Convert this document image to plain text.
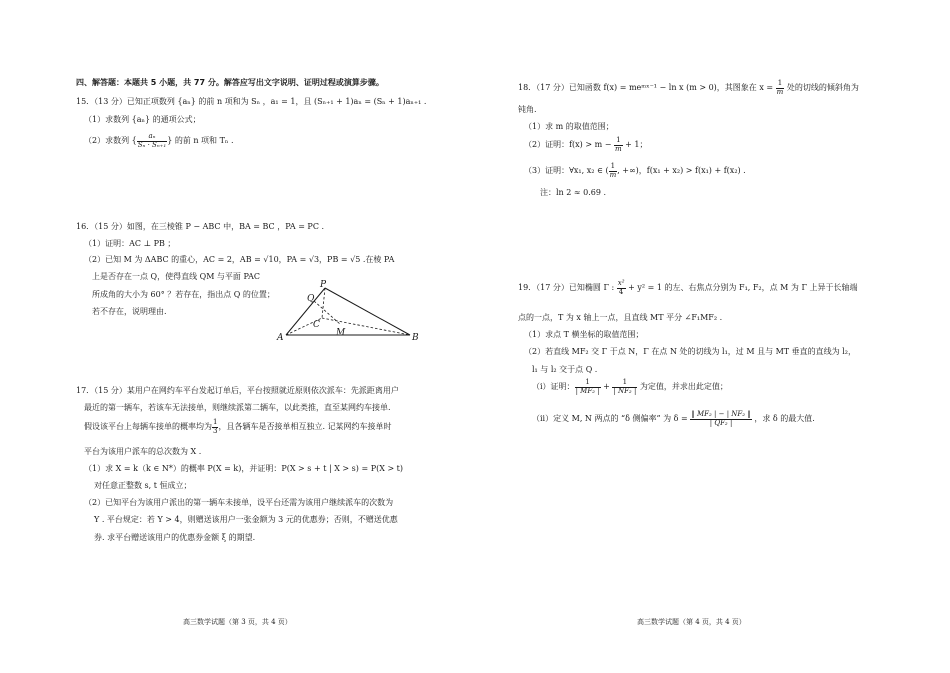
四、解答题：本题共 5 小题，共 77 分。解答应写出文字说明、证明过程或演算步骤。
15．（13 分）已知正项数列 {aₙ} 的前 n 项和为 Sₙ ，a₁ = 1，且 (Sₙ₊₁ + 1)aₙ = (Sₙ + 1)aₙ₊₁ .
（1）求数列 {aₙ} 的通项公式；
（2）求数列 { $\frac{\text{aₙ}}{\text{Sₙ · Sₙ₊₁}}$ } 的前 n 项和 Tₙ .
16．（15 分）如图，在三棱锥 P − ABC 中，BA = BC ，PA = PC .
（1）证明：AC ⊥ PB ；
（2）已知 M 为 ΔABC 的重心，AC = 2，AB = √10，PA = √3，PB = √5 .在棱 PA
上是否存在一点 Q，使得直线 QM 与平面 PAC
所成角的大小为 60° ？若存在，指出点 Q 的位置；
若不存在，说明理由.
P
Q
C
M
A	B
17．（15 分）某用户在网约车平台发起订单后，平台按照就近原则依次派车：先派距离用户
最近的第一辆车，若该车无法接单，则继续派第二辆车，以此类推，直至某网约车接单.
假设该平台上每辆车接单的概率均为 $\frac{1}{3}$ ，且各辆车是否接单相互独立. 记某网约车接单时
平台为该用户派车的总次数为 X .
（1）求 X = k（k ∈ N*）的概率 P(X = k)，并证明：P(X > s + t | X > s) = P(X > t)
对任意正整数 s, t 恒成立；
（2）已知平台为该用户派出的第一辆车未接单，设平台还需为该用户继续派车的次数为
Y . 平台规定：若 Y > 4，则赠送该用户一张金额为 3 元的优惠券；否则，不赠送优惠
券. 求平台赠送该用户的优惠券金额 ξ 的期望.
高三数学试题（第 3 页，共 4 页）
18．（17 分）已知函数 f(x) = meᵐˣ⁻¹ − ln x (m > 0)，其图象在 $x = \frac{1}{m}$ 处的切线的倾斜角为
钝角.
（1）求 m 的取值范围；
（2）证明：$f(x) > m - \frac{1}{m} + 1$；
（3）证明：∀x₁, x₂ ∈ ( $\frac{1}{m}$ , +∞)，f(x₁ + x₂) > f(x₁) + f(x₂) .
注：ln 2 ≈ 0.69 .
19．（17 分）已知椭圆 Γ : $\frac{\text{x²}}{4} + y^2 = 1$ 的左、右焦点分别为 F₁, F₂，点 M 为 Γ 上异于长轴端
点的一点，T 为 x 轴上一点，且直线 MT 平分 ∠F₁MF₂ .
（1）求点 T 横坐标的取值范围；
（2）若直线 MF₂ 交 Γ 于点 N，Γ 在点 N 处的切线为 l₁，过 M 且与 MT 垂直的直线为 l₂，
l₁ 与 l₂ 交于点 Q .
（i）证明： $\frac{1}{\text{| MF₂ |}} + \frac{1}{\text{| NF₂ |}}$ 为定值，并求出此定值；
（ii）定义 M, N 两点的 “δ 侧偏率” 为 $\delta = \frac{\text{‖ MF₂ | − | NF₂ ‖}}{\text{| QF₂ |}}$ ，求 δ 的最大值.
高三数学试题（第 4 页，共 4 页）
